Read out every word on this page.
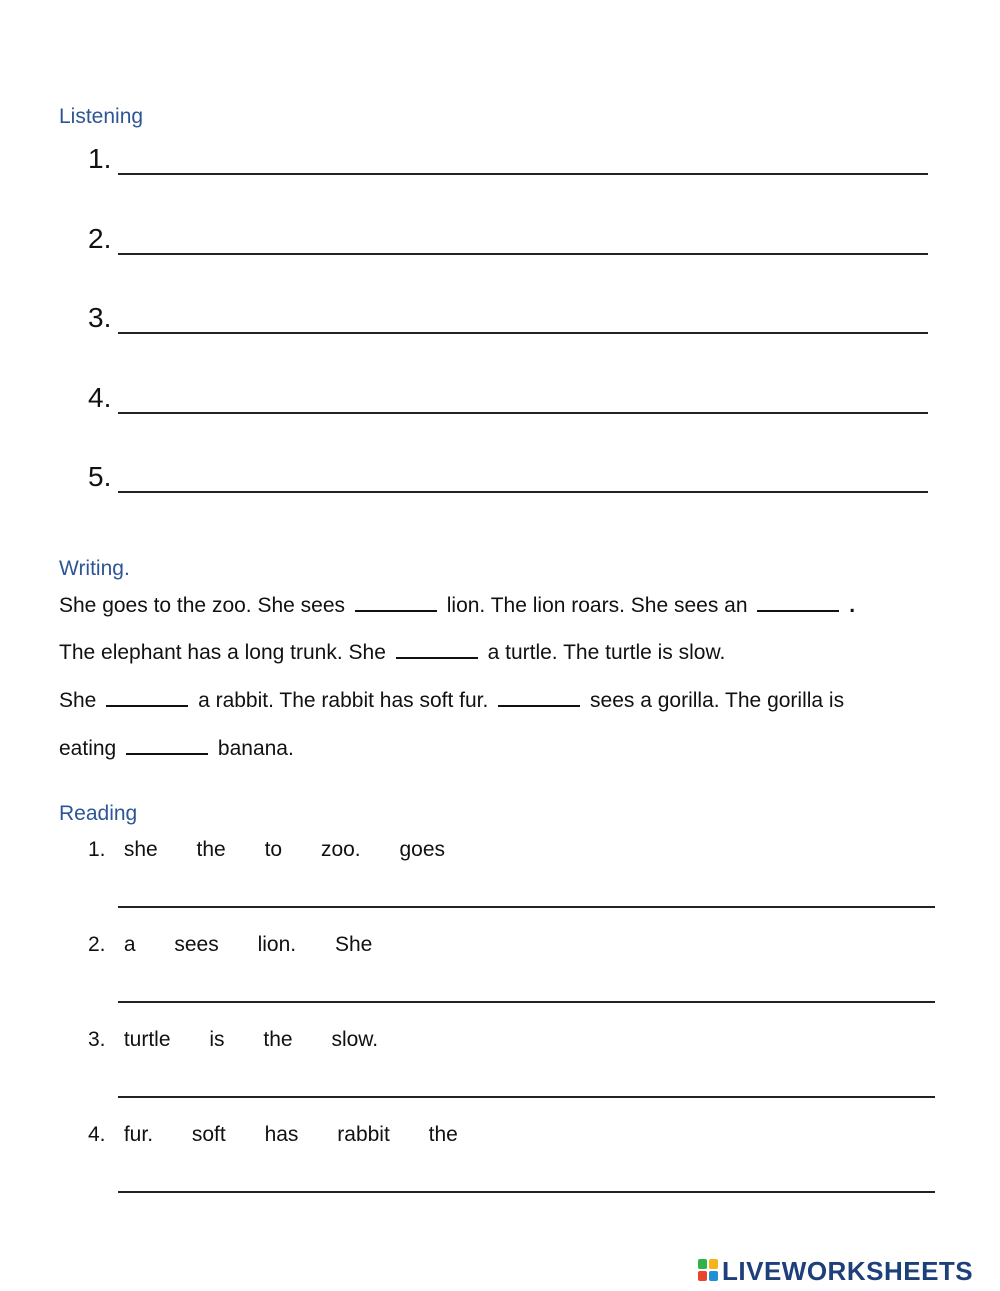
Listening
1.
2.
3.
4.
5.
Writing.
She goes to the zoo. She sees	lion. The lion roars. She sees an	.
The elephant has a long trunk. She	a turtle. The turtle is slow.
She	a rabbit. The rabbit has soft fur.	sees a gorilla. The gorilla is
eating	banana.
Reading
1. she the to zoo. goes
2. a sees lion. She
3. turtle is the slow.
4. fur. soft has rabbit the
LIVEWORKSHEETS
